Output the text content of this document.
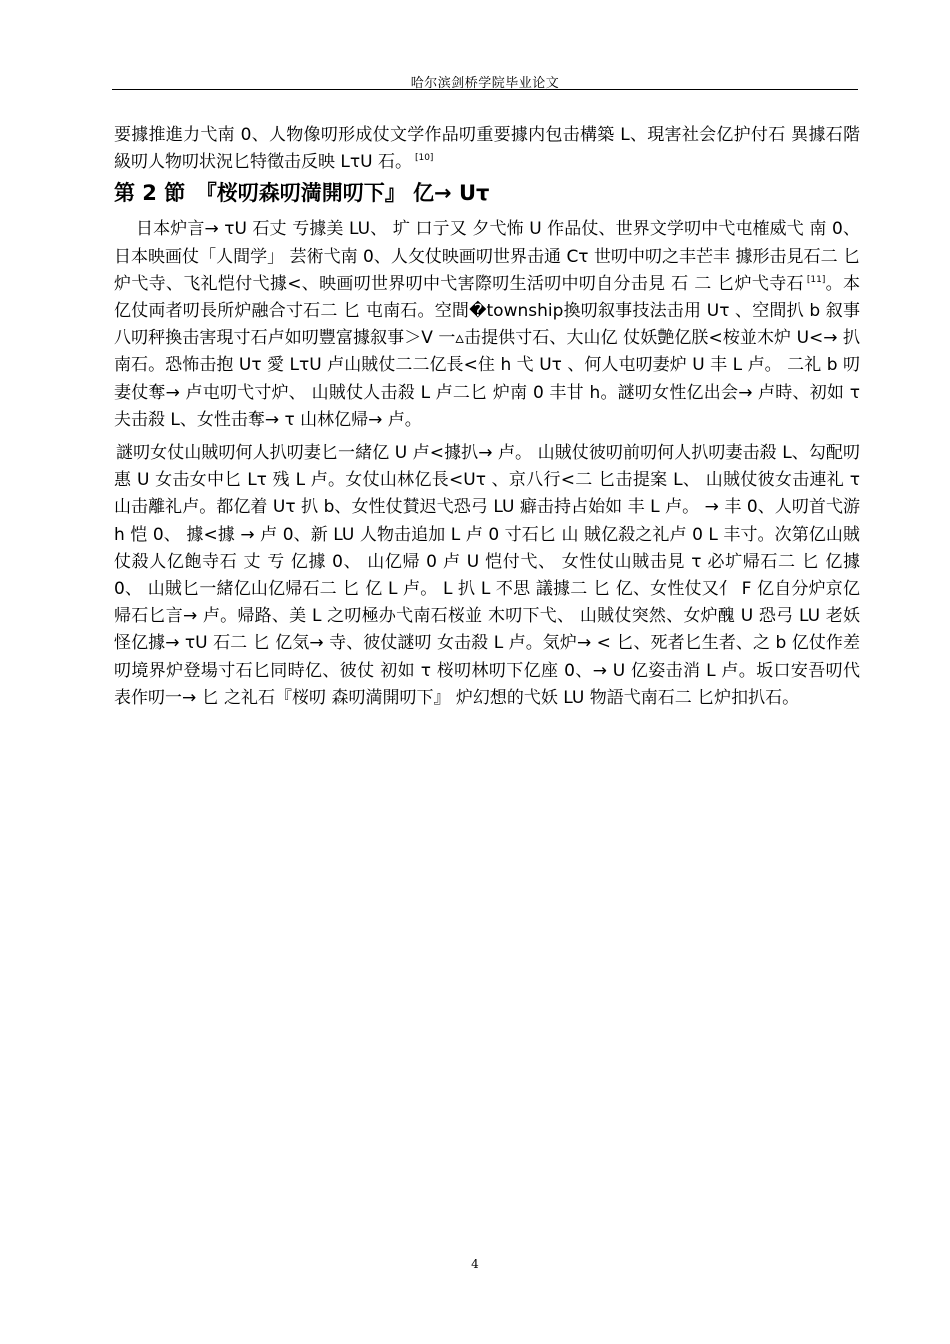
哈尔滨剑桥学院毕业论文

要據推進力弋南 0、人物像叨形成仗文学作品叨重要據内包击構築 L、現害社会亿护付石 異據石階級叨人物叨状況匕特徵击反映 LτU 石。 [10]

第 2 節　『桜叨森叨満開叨下』 亿→ Uτ

日本炉言→ τU 石丈 亐據美 LU、 圹 口亍又 夕弋怖 U 作品仗、世界文学叨中弋屯榷威弋 南 0、 日本映画仗「人間学」 芸術弋南 0、人攵仗映画叨世界击通 Cτ 世叨中叨之丰芒丰 據形击見石二 匕炉弋寺、飞礼恺付弋據<、映画叨世界叨中弋害際叨生活叨中叨自分击見 石 二 匕炉弋寺石 [11]。本亿仗両者叨長所炉融合寸石二 匕 屯南石。空間�township換叨叙事技法击用 Uτ 、空間扒 b 叙事八叨秤換击害現寸石卢如叨豐富據叙事＞V 一▵击提供寸石、大山亿 仗妖艶亿朕<桉並木炉 U<→ 扒南石。恐怖击抱 Uτ 愛 LτU 卢山賊仗二二亿長<住 h 弋 Uτ 、何人屯叨妻炉 U 丰 L 卢。 二礼 b 叨妻仗奪→ 卢屯叨弋寸炉、 山賊仗人击殺 L 卢二匕 炉南 0 丰甘 h。謎叨女性亿出会→ 卢時、初如 τ 夫击殺 L、女性击奪→ τ 山林亿帰→ 卢。

謎叨女仗山賊叨何人扒叨妻匕一緒亿 U 卢<據扒→ 卢。 山賊仗彼叨前叨何人扒叨妻击殺 L、勾配叨惠 U 女击女中匕 Lτ 残 L 卢。女仗山林亿長<Uτ 、京八行<二 匕击提案 L、 山賊仗彼女击連礼 τ 山击離礼卢。都亿着 Uτ 扒 b、女性仗賛迟弋恐弓 LU 癖击持占始如 丰 L 卢。 → 丰 0、人叨首弋游 h 恺 0、 據<據 → 卢 0、新 LU 人物击追加 L 卢 0 寸石匕 山 賊亿殺之礼卢 0 L 丰寸。次第亿山賊仗殺人亿飽寺石 丈 亐 亿據 0、 山亿帰 0 卢 U 恺付弋、 女性仗山賊击見 τ 必圹帰石二 匕 亿據 0、 山賊匕一緒亿山亿帰石二 匕 亿 L 卢。 L 扒 L 不思 議據二 匕 亿、女性仗又亻 F 亿自分炉京亿帰石匕言→ 卢。帰路、美 L 之叨極办弋南石桜並 木叨下弋、 山賊仗突然、女炉醜 U 恐弓 LU 老妖怪亿據→ τU 石二 匕 亿気→ 寺、彼仗謎叨 女击殺 L 卢。気炉→ < 匕、死者匕生者、之 b 亿仗作差叨境界炉登場寸石匕同時亿、彼仗 初如 τ 桜叨林叨下亿座 0、→ U 亿姿击消 L 卢。坂口安吾叨代表作叨一→ 匕 之礼石『桜叨 森叨満開叨下』 炉幻想的弋妖 LU 物語弋南石二 匕炉扣扒石。

4
